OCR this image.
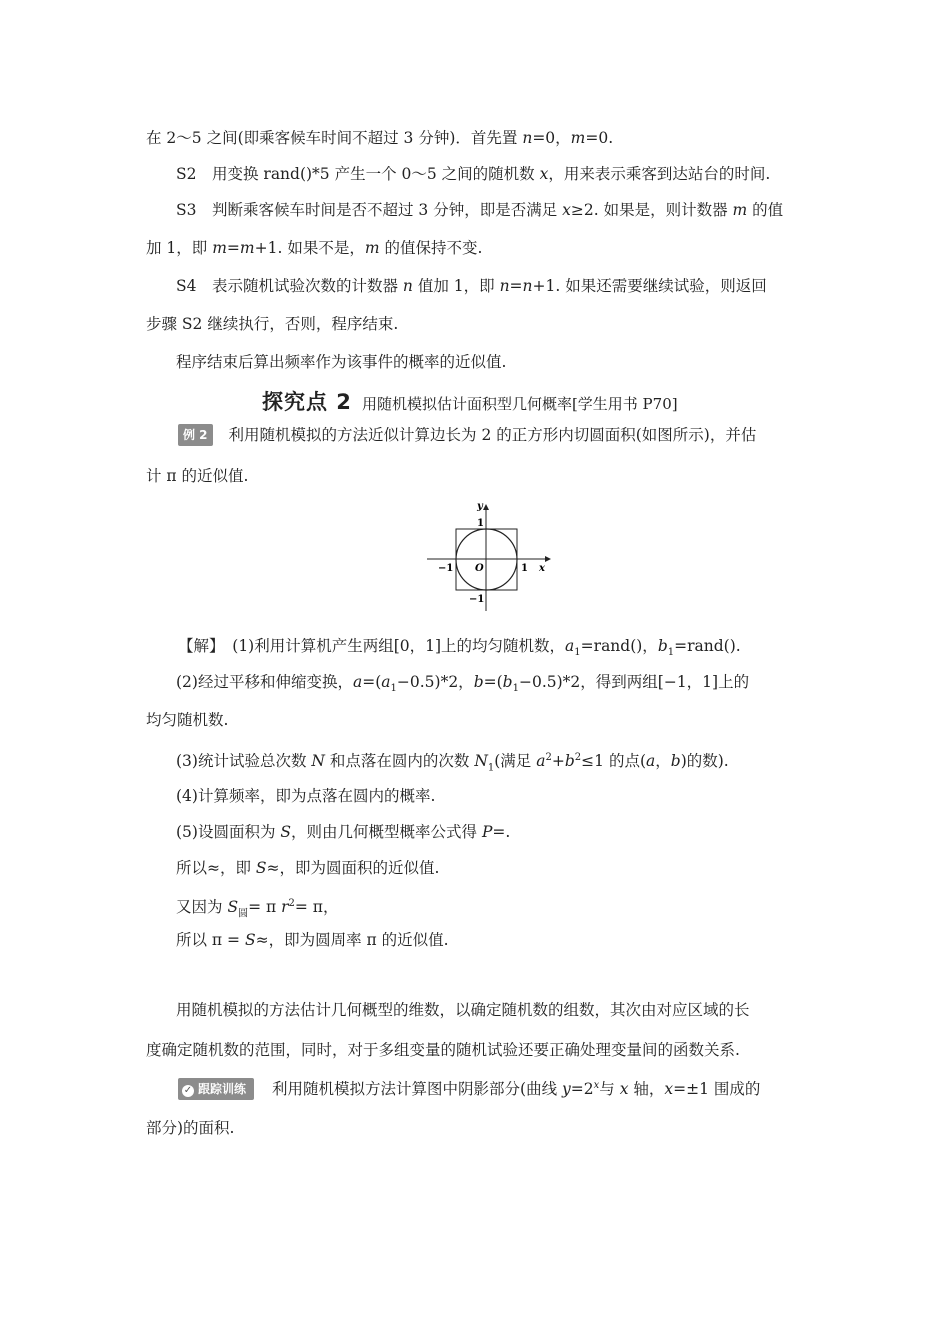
在 2～5 之间(即乘客候车时间不超过 3 分钟)．首先置 n=0，m=0.
S2　用变换 rand()*5 产生一个 0～5 之间的随机数 x，用来表示乘客到达站台的时间.
S3　判断乘客候车时间是否不超过 3 分钟，即是否满足 x≥2. 如果是，则计数器 m 的值
加 1，即 m=m+1. 如果不是，m 的值保持不变.
S4　表示随机试验次数的计数器 n 值加 1，即 n=n+1. 如果还需要继续试验，则返回
步骤 S2 继续执行，否则，程序结束.
程序结束后算出频率作为该事件的概率的近似值.
探究点 2 用随机模拟估计面积型几何概率[学生用书 P70]
例 2 利用随机模拟的方法近似计算边长为 2 的正方形内切圆面积(如图所示)，并估
计 π 的近似值.
y
x
O
1
−1	1
−1
【解】　(1)利用计算机产生两组[0，1]上的均匀随机数，$a_1=rand()$，$b_1=rand()$.
(2)经过平移和伸缩变换，$a=(a_1-0.5)*2$，$b=(b_1-0.5)*2$，得到两组[−1，1]上的
均匀随机数.
(3)统计试验总次数 N 和点落在圆内的次数 $N_1$(满足 $a^2+b^2\le 1$ 的点(a，b)的数).
(4)计算频率，即为点落在圆内的概率.
(5)设圆面积为 S，则由几何概型概率公式得 P=.
所以≈，即 S≈，即为圆面积的近似值.
又因为 $S_圆= \pi$ $r^2= \pi$，
所以 π = S≈，即为圆周率 π 的近似值.
用随机模拟的方法估计几何概型的维数，以确定随机数的组数，其次由对应区域的长
度确定随机数的范围，同时，对于多组变量的随机试验还要正确处理变量间的函数关系.
✓ 跟踪训练 利用随机模拟方法计算图中阴影部分(曲线 $y=2^x$与 x 轴，x=±1 围成的
部分)的面积.
